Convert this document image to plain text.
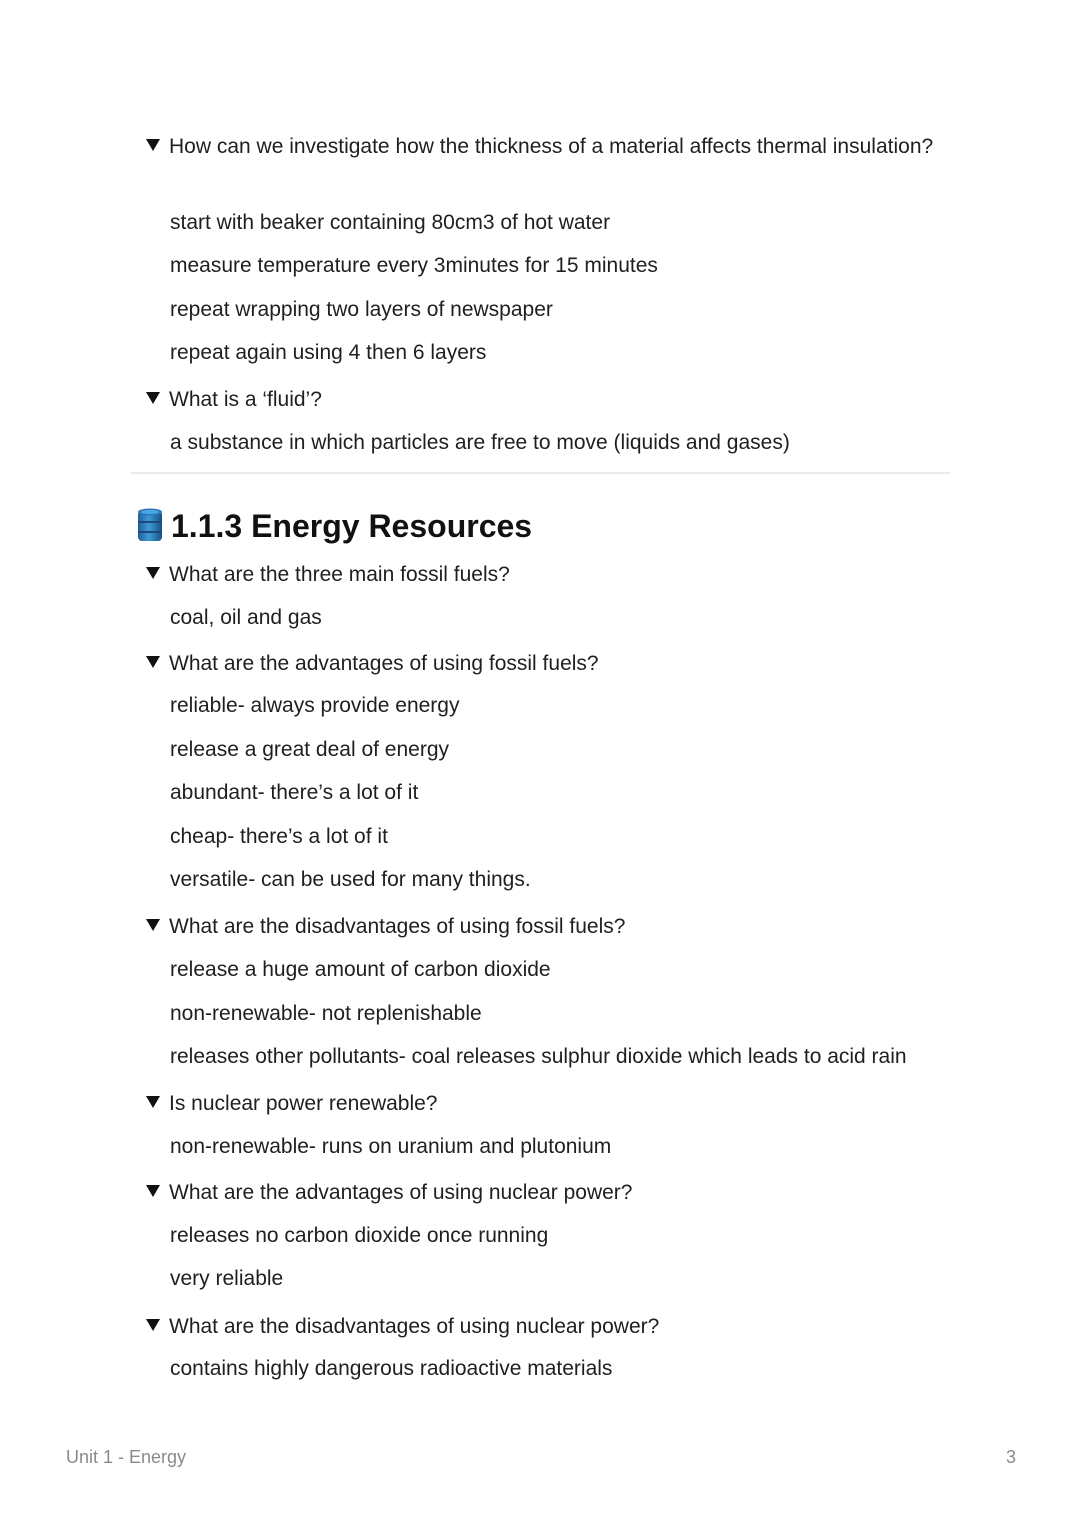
How can we investigate how the thickness of a material affects thermal insulation?
start with beaker containing 80cm3 of hot water
measure temperature every 3minutes for 15 minutes
repeat wrapping two layers of newspaper
repeat again using 4 then 6 layers
What is a ‘fluid’?
a substance in which particles are free to move (liquids and gases)
1.1.3 Energy Resources
What are the three main fossil fuels?
coal, oil and gas
What are the advantages of using fossil fuels?
reliable- always provide energy
release a great deal of energy
abundant- there’s a lot of it
cheap- there’s a lot of it
versatile- can be used for many things.
What are the disadvantages of using fossil fuels?
release a huge amount of carbon dioxide
non-renewable- not replenishable
releases other pollutants- coal releases sulphur dioxide which leads to acid rain
Is nuclear power renewable?
non-renewable- runs on uranium and plutonium
What are the advantages of using nuclear power?
releases no carbon dioxide once running
very reliable
What are the disadvantages of using nuclear power?
contains highly dangerous radioactive materials
Unit 1 - Energy	3
